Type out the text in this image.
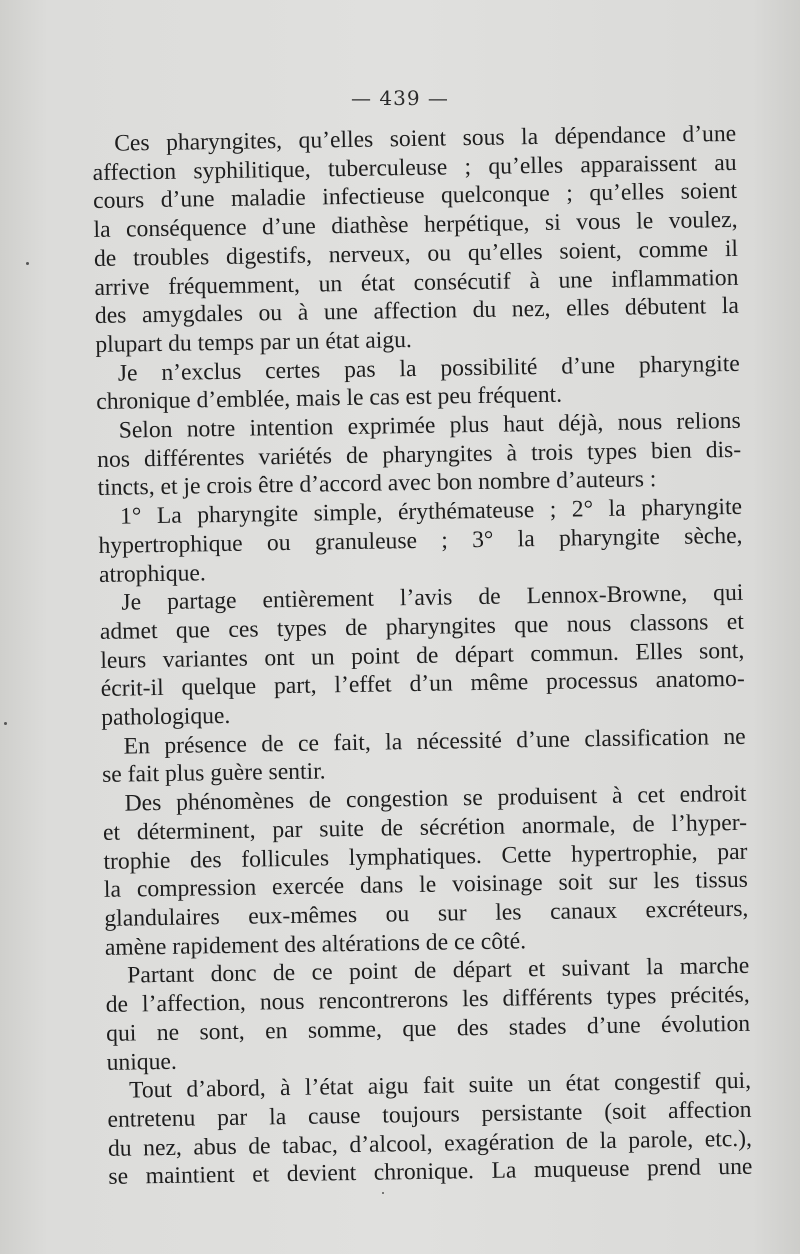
— 439 —

Ces pharyngites, qu’elles soient sous la dépendance d’une
affection syphilitique, tuberculeuse ; qu’elles apparaissent au
cours d’une maladie infectieuse quelconque ; qu’elles soient
la conséquence d’une diathèse herpétique, si vous le voulez,
de troubles digestifs, nerveux, ou qu’elles soient, comme il
arrive fréquemment, un état consécutif à une inflammation
des amygdales ou à une affection du nez, elles débutent la
plupart du temps par un état aigu.

Je n’exclus certes pas la possibilité d’une pharyngite
chronique d’emblée, mais le cas est peu fréquent.

Selon notre intention exprimée plus haut déjà, nous relions
nos différentes variétés de pharyngites à trois types bien dis-
tincts, et je crois être d’accord avec bon nombre d’auteurs :

1° La pharyngite simple, érythémateuse ; 2° la pharyngite
hypertrophique ou granuleuse ; 3° la pharyngite sèche,
atrophique.

Je partage entièrement l’avis de Lennox-Browne, qui
admet que ces types de pharyngites que nous classons et
leurs variantes ont un point de départ commun. Elles sont,
écrit-il quelque part, l’effet d’un même processus anatomo-
pathologique.

En présence de ce fait, la nécessité d’une classification ne
se fait plus guère sentir.

Des phénomènes de congestion se produisent à cet endroit
et déterminent, par suite de sécrétion anormale, de l’hyper-
trophie des follicules lymphatiques. Cette hypertrophie, par
la compression exercée dans le voisinage soit sur les tissus
glandulaires eux-mêmes ou sur les canaux excréteurs,
amène rapidement des altérations de ce côté.

Partant donc de ce point de départ et suivant la marche
de l’affection, nous rencontrerons les différents types précités,
qui ne sont, en somme, que des stades d’une évolution
unique.

Tout d’abord, à l’état aigu fait suite un état congestif qui,
entretenu par la cause toujours persistante (soit affection
du nez, abus de tabac, d’alcool, exagération de la parole, etc.),
se maintient et devient chronique. La muqueuse prend une
